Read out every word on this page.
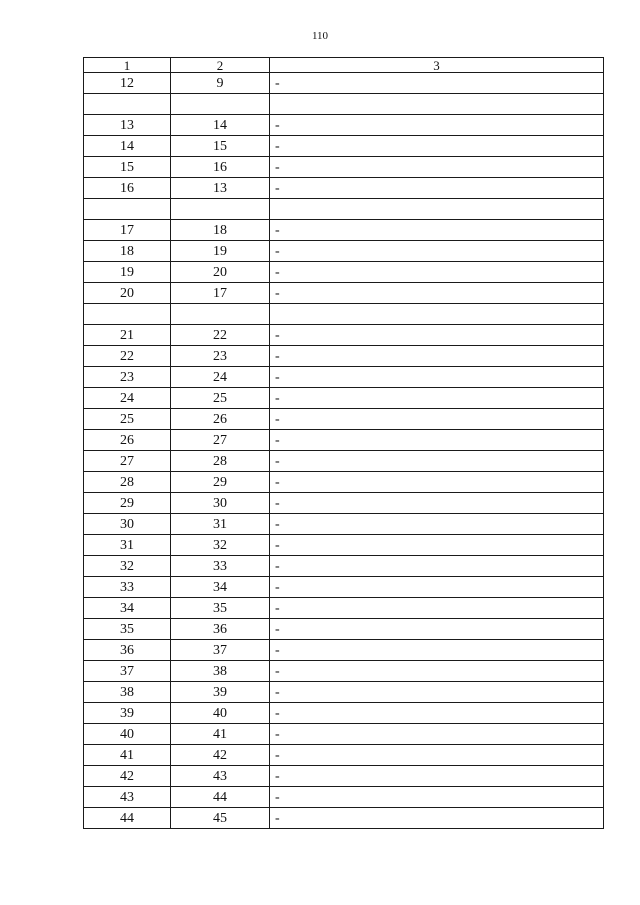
110
1	2	3
12	9	-

13	14	-
14	15	-
15	16	-
16	13	-

17	18	-
18	19	-
19	20	-
20	17	-

21	22	-
22	23	-
23	24	-
24	25	-
25	26	-
26	27	-
27	28	-
28	29	-
29	30	-
30	31	-
31	32	-
32	33	-
33	34	-
34	35	-
35	36	-
36	37	-
37	38	-
38	39	-
39	40	-
40	41	-
41	42	-
42	43	-
43	44	-
44	45	-
